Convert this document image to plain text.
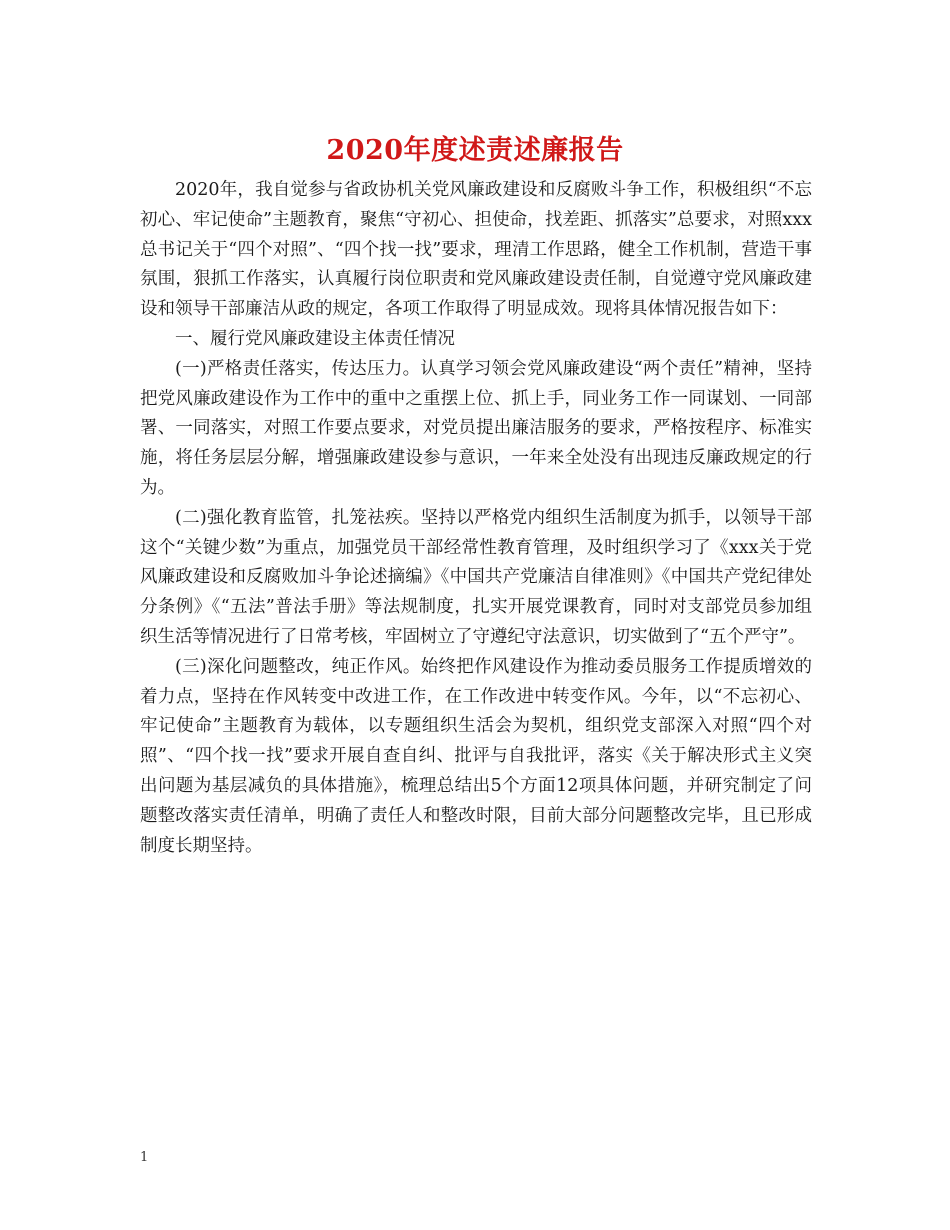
2020年度述责述廉报告

2020年，我自觉参与省政协机关党风廉政建设和反腐败斗争工作，积极组织“不忘初心、牢记使命”主题教育，聚焦“守初心、担使命，找差距、抓落实”总要求，对照xxx总书记关于“四个对照”、“四个找一找”要求，理清工作思路，健全工作机制，营造干事氛围，狠抓工作落实，认真履行岗位职责和党风廉政建设责任制，自觉遵守党风廉政建设和领导干部廉洁从政的规定，各项工作取得了明显成效。现将具体情况报告如下：

一、履行党风廉政建设主体责任情况

(一)严格责任落实，传达压力。认真学习领会党风廉政建设“两个责任”精神，坚持把党风廉政建设作为工作中的重中之重摆上位、抓上手，同业务工作一同谋划、一同部署、一同落实，对照工作要点要求，对党员提出廉洁服务的要求，严格按程序、标准实施，将任务层层分解，增强廉政建设参与意识，一年来全处没有出现违反廉政规定的行为。

(二)强化教育监管，扎笼祛疾。坚持以严格党内组织生活制度为抓手，以领导干部这个“关键少数”为重点，加强党员干部经常性教育管理，及时组织学习了《xxx关于党风廉政建设和反腐败加斗争论述摘编》《中国共产党廉洁自律准则》《中国共产党纪律处分条例》《“五法”普法手册》等法规制度，扎实开展党课教育，同时对支部党员参加组织生活等情况进行了日常考核，牢固树立了守遵纪守法意识，切实做到了“五个严守”。

(三)深化问题整改，纯正作风。始终把作风建设作为推动委员服务工作提质增效的着力点，坚持在作风转变中改进工作，在工作改进中转变作风。今年，以“不忘初心、牢记使命”主题教育为载体，以专题组织生活会为契机，组织党支部深入对照“四个对照”、“四个找一找”要求开展自查自纠、批评与自我批评，落实《关于解决形式主义突出问题为基层减负的具体措施》，梳理总结出5个方面12项具体问题，并研究制定了问题整改落实责任清单，明确了责任人和整改时限，目前大部分问题整改完毕，且已形成制度长期坚持。

1
